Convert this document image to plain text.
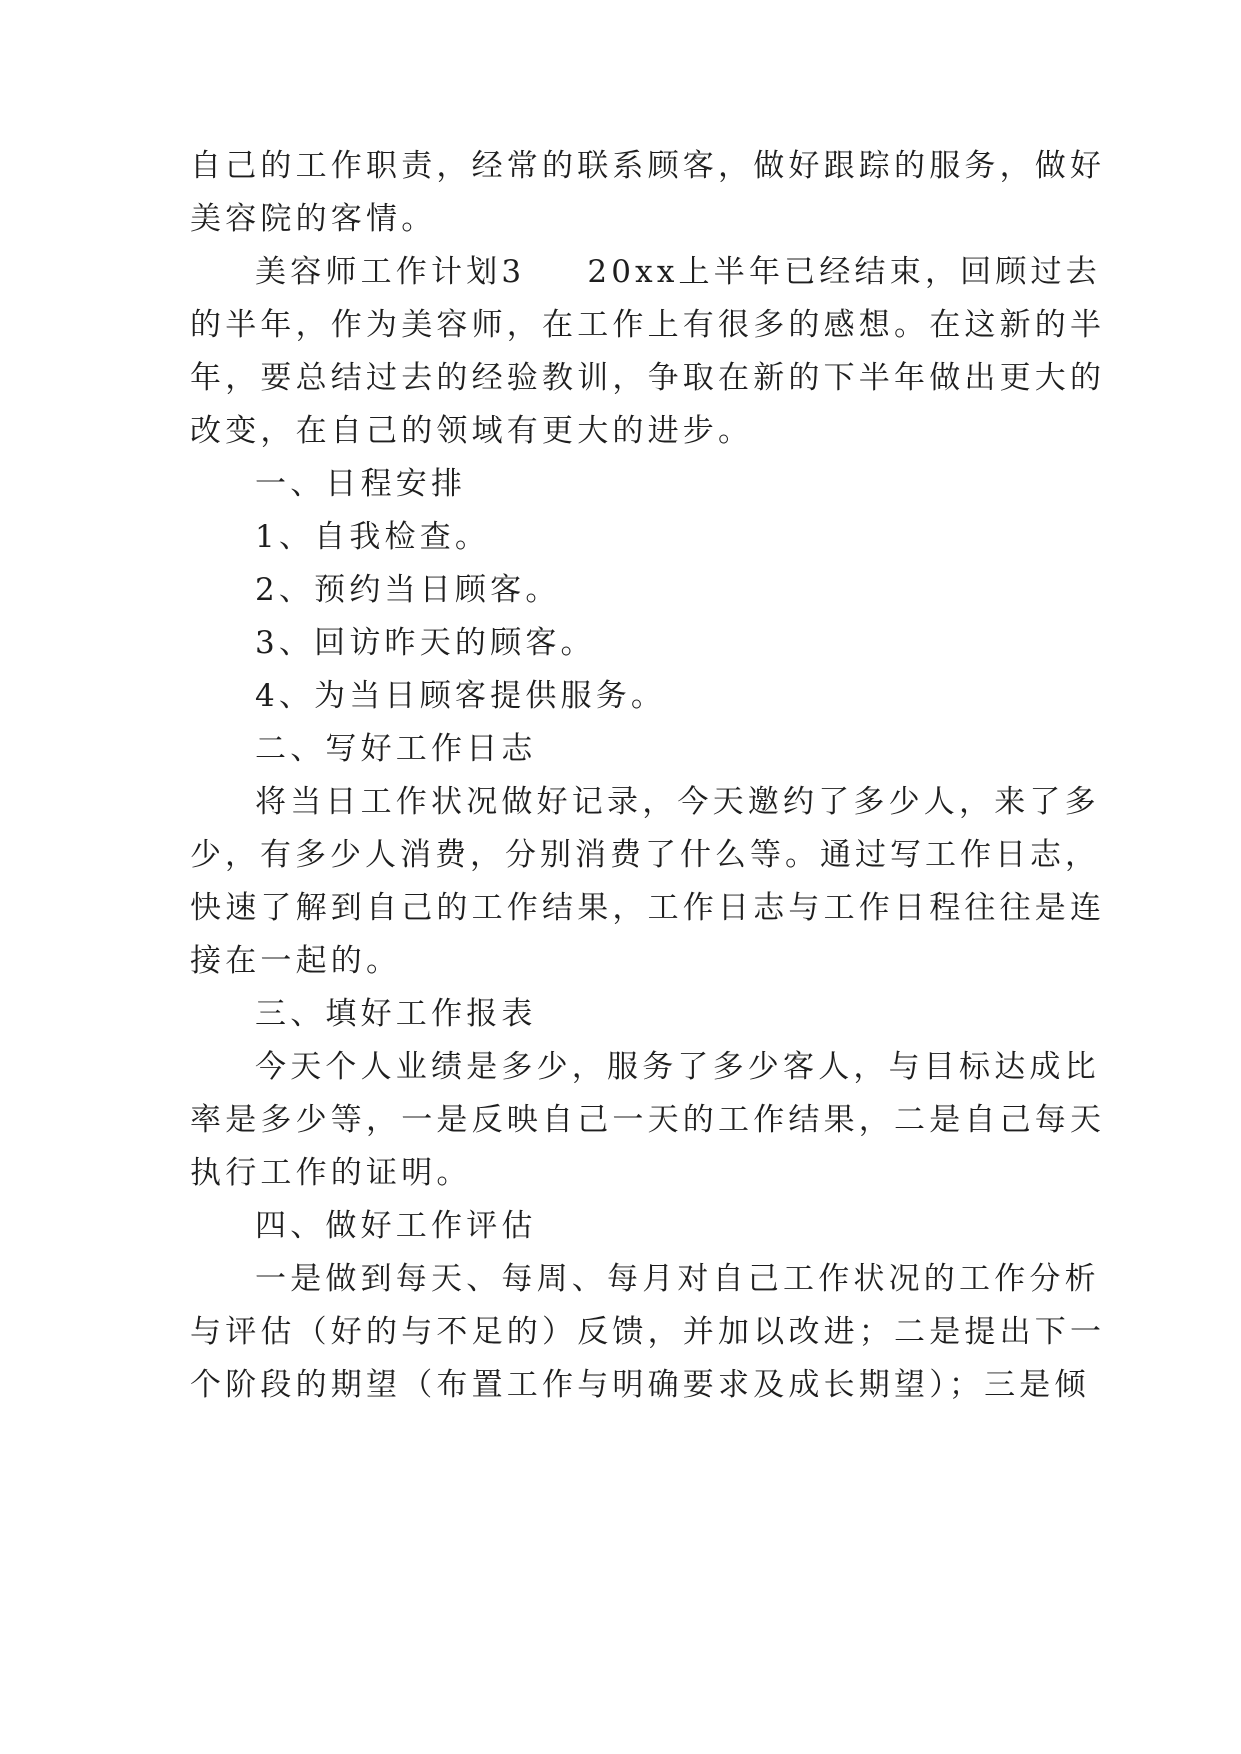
自己的工作职责，经常的联系顾客，做好跟踪的服务，做好
美容院的客情。
美容师工作计划3 20xx上半年已经结束，回顾过去
的半年，作为美容师，在工作上有很多的感想。在这新的半
年，要总结过去的经验教训，争取在新的下半年做出更大的
改变，在自己的领域有更大的进步。
一、日程安排
1、自我检查。
2、预约当日顾客。
3、回访昨天的顾客。
4、为当日顾客提供服务。
二、写好工作日志
将当日工作状况做好记录，今天邀约了多少人，来了多
少，有多少人消费，分别消费了什么等。通过写工作日志，
快速了解到自己的工作结果，工作日志与工作日程往往是连
接在一起的。
三、填好工作报表
今天个人业绩是多少，服务了多少客人，与目标达成比
率是多少等，一是反映自己一天的工作结果，二是自己每天
执行工作的证明。
四、做好工作评估
一是做到每天、每周、每月对自己工作状况的工作分析
与评估（好的与不足的）反馈，并加以改进；二是提出下一
个阶段的期望（布置工作与明确要求及成长期望）；三是倾
